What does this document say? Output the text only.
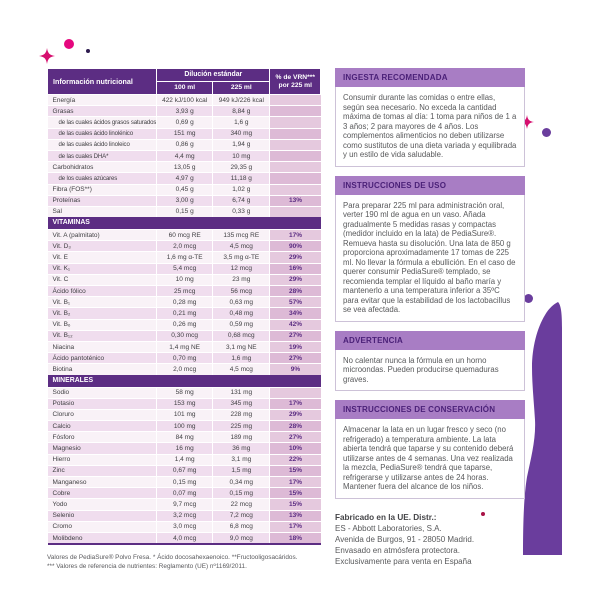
Información nutricional	Dilución estándar		% de VRN*** por 225 ml
	100 ml	225 ml	
Energía	422 kJ/100 kcal	949 kJ/226 kcal	
Grasas	3,93 g	8,84 g	
de las cuales ácidos grasos saturados	0,69 g	1,6 g	
de las cuales ácido linolénico	151 mg	340 mg	
de las cuales ácido linoleico	0,86 g	1,94 g	
de las cuales DHA*	4,4 mg	10 mg	
Carbohidratos	13,05 g	29,35 g	
de los cuales azúcares	4,97 g	11,18 g	
Fibra (FOS**)	0,45 g	1,02 g	
Proteínas	3,00 g	6,74 g	13%
Sal	0,15 g	0,33 g	
VITAMINAS			
Vit. A (palmitato)	60 mcg RE	135 mcg RE	17%
Vit. D₃	2,0 mcg	4,5 mcg	90%
Vit. E	1,6 mg α-TE	3,5 mg α-TE	29%
Vit. K₁	5,4 mcg	12 mcg	16%
Vit. C	10 mg	23 mg	29%
Ácido fólico	25 mcg	56 mcg	28%
Vit. B₁	0,28 mg	0,63 mg	57%
Vit. B₂	0,21 mg	0,48 mg	34%
Vit. B₆	0,26 mg	0,59 mg	42%
Vit. B₁₂	0,30 mcg	0,68 mcg	27%
Niacina	1,4 mg NE	3,1 mg NE	19%
Ácido pantoténico	0,70 mg	1,6 mg	27%
Biotina	2,0 mcg	4,5 mcg	9%
MINERALES			
Sodio	58 mg	131 mg	
Potasio	153 mg	345 mg	17%
Cloruro	101 mg	228 mg	29%
Calcio	100 mg	225 mg	28%
Fósforo	84 mg	189 mg	27%
Magnesio	16 mg	36 mg	10%
Hierro	1,4 mg	3,1 mg	22%
Zinc	0,67 mg	1,5 mg	15%
Manganeso	0,15 mg	0,34 mg	17%
Cobre	0,07 mg	0,15 mg	15%
Yodo	9,7 mcg	22 mcg	15%
Selenio	3,2 mcg	7,2 mcg	13%
Cromo	3,0 mcg	6,8 mcg	17%
Molibdeno	4,0 mcg	9,0 mcg	18%
Valores de PediaSure® Polvo Fresa. * Ácido docosahexaenoico. **Fructooligosacáridos.
*** Valores de referencia de nutrientes: Reglamento (UE) nº1169/2011.
INGESTA RECOMENDADA
Consumir durante las comidas o entre ellas, según sea necesario. No exceda la cantidad máxima de tomas al día: 1 toma para niños de 1 a 3 años; 2 para mayores de 4 años. Los complementos alimenticios no deben utilizarse como sustitutos de una dieta variada y equilibrada y un estilo de vida saludable.
INSTRUCCIONES DE USO
Para preparar 225 ml para administración oral, verter 190 ml de agua en un vaso. Añada gradualmente 5 medidas rasas y compactas (medidor incluido en la lata) de PediaSure®. Remueva hasta su disolución. Una lata de 850 g proporciona aproximadamente 17 tomas de 225 ml. No llevar la fórmula a ebullición. En el caso de querer consumir PediaSure® templado, se recomienda templar el líquido al baño maría y mantenerlo a una temperatura inferior a 35ºC para evitar que la estabilidad de los lactobacillus se vea afectada.
ADVERTENCIA
No calentar nunca la fórmula en un horno microondas. Pueden producirse quemaduras graves.
INSTRUCCIONES DE CONSERVACIÓN
Almacenar la lata en un lugar fresco y seco (no refrigerado) a temperatura ambiente. La lata abierta tendrá que taparse y su contenido deberá utilizarse antes de 4 semanas. Una vez realizada la mezcla, PediaSure® tendrá que taparse, refrigerarse y utilizarse antes de 24 horas. Mantener fuera del alcance de los niños.
Fabricado en la UE. Distr.:
ES - Abbott Laboratories, S.A.
Avenida de Burgos, 91 - 28050 Madrid.
Envasado en atmósfera protectora.
Exclusivamente para venta en España
